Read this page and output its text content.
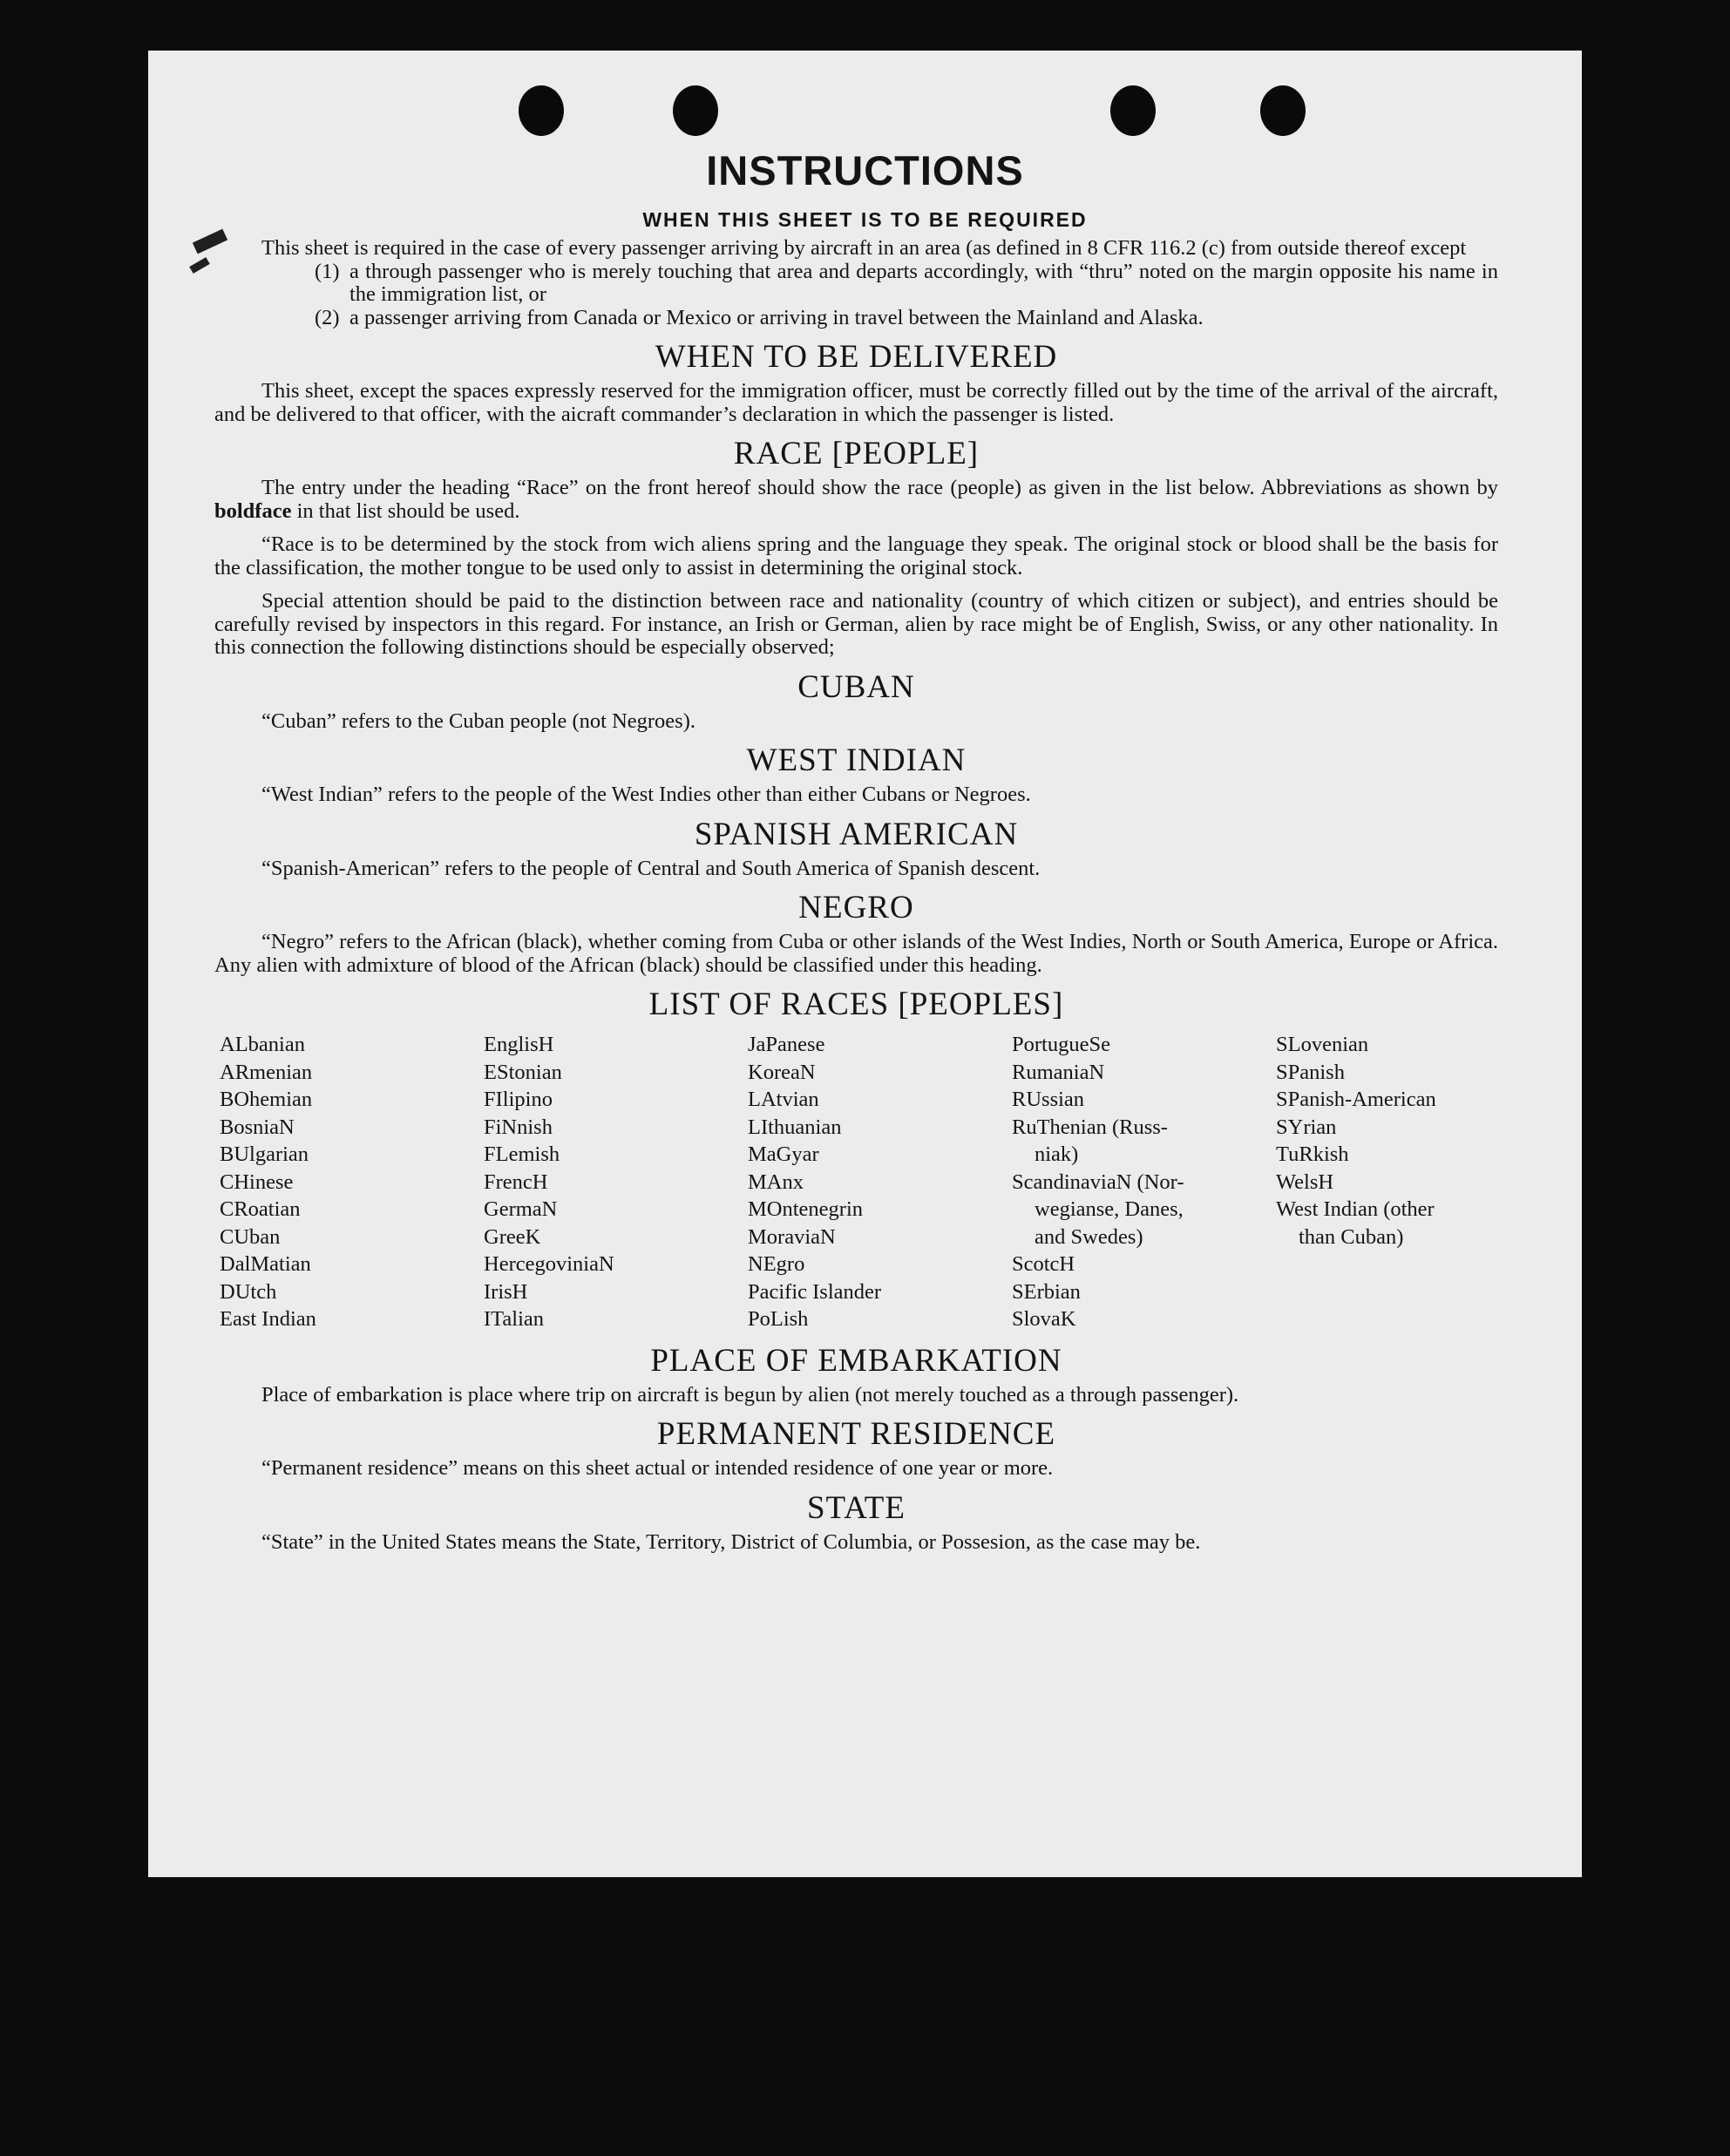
INSTRUCTIONS
WHEN THIS SHEET IS TO BE REQUIRED

This sheet is required in the case of every passenger arriving by aircraft in an area (as defined in 8 CFR 116.2 (c) from outside thereof except

(1) a through passenger who is merely touching that area and departs accordingly, with “thru” noted on the margin opposite his name in the immigration list, or
(2) a passenger arriving from Canada or Mexico or arriving in travel between the Mainland and Alaska.
WHEN TO BE DELIVERED

This sheet, except the spaces expressly reserved for the immigration officer, must be correctly filled out by the time of the arrival of the aircraft, and be delivered to that officer, with the aicraft commander’s declaration in which the passenger is listed.

RACE [PEOPLE]

The entry under the heading “Race” on the front hereof should show the race (people) as given in the list below. Abbreviations as shown by boldface in that list should be used.

“Race is to be determined by the stock from wich aliens spring and the language they speak. The original stock or blood shall be the basis for the classification, the mother tongue to be used only to assist in determining the original stock.

Special attention should be paid to the distinction between race and nationality (country of which citizen or subject), and entries should be carefully revised by inspectors in this regard. For instance, an Irish or German, alien by race might be of English, Swiss, or any other nationality. In this connection the following distinctions should be especially observed;

CUBAN

“Cuban” refers to the Cuban people (not Negroes).

WEST INDIAN

“West Indian” refers to the people of the West Indies other than either Cubans or Negroes.

SPANISH AMERICAN

“Spanish-American” refers to the people of Central and South America of Spanish descent.

NEGRO

“Negro” refers to the African (black), whether coming from Cuba or other islands of the West Indies, North or South America, Europe or Africa. Any alien with admixture of blood of the African (black) should be classified under this heading.

LIST OF RACES [PEOPLES]
ALbanian
ARmenian
BOhemian
BosniaN
BUlgarian
CHinese
CRoatian
CUban
DalMatian
DUtch
East Indian
EnglisH
EStonian
FIlipino
FiNnish
FLemish
FrencH
GermaN
GreeK
HercegoviniaN
IrisH
ITalian
JaPanese
KoreaN
LAtvian
LIthuanian
MaGyar
MAnx
MOntenegrin
MoraviaN
NEgro
Pacific Islander
PoLish
PortugueSe
RumaniaN
RUssian
RuThenian (Russ-
niak)
ScandinaviaN (Nor-
wegianse, Danes,
and Swedes)
ScotcH
SErbian
SlovaK
SLovenian
SPanish
SPanish-American
SYrian
TuRkish
WelsH
West Indian (other
than Cuban)
PLACE OF EMBARKATION

Place of embarkation is place where trip on aircraft is begun by alien (not merely touched as a through passenger).

PERMANENT RESIDENCE

“Permanent residence” means on this sheet actual or intended residence of one year or more.

STATE

“State” in the United States means the State, Territory, District of Columbia, or Possesion, as the case may be.
